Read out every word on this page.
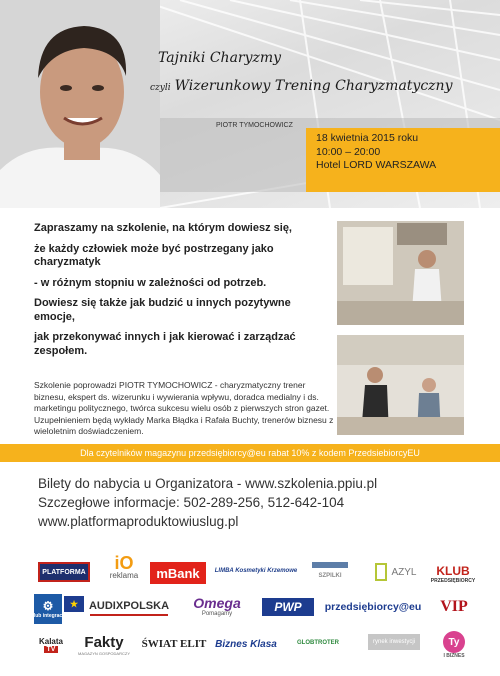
Tajniki Charyzmy
czyli Wizerunkowy Trening Charyzmatyczny
PIOTR TYMOCHOWICZ
18 kwietnia 2015 roku
10:00 – 20:00
Hotel LORD WARSZAWA

Zapraszamy na szkolenie, na którym dowiesz się,

że każdy człowiek może być postrzegany jako charyzmatyk

- w różnym stopniu w zależności od potrzeb.

Dowiesz się także jak budzić u innych pozytywne emocje,

jak przekonywać innych i jak kierować i zarządzać zespołem.

Szkolenie poprowadzi PIOTR TYMOCHOWICZ - charyzmatyczny trener biznesu, ekspert ds. wizerunku i wywierania wpływu, doradca medialny i ds. marketingu politycznego, twórca sukcesu wielu osób z pierwszych stron gazet. Uzupełnieniem będą wykłady Marka Błądka i Rafała Buchty, trenerów biznesu z wieloletnim doświadczeniem.
Dla czytelników magazynu przedsiębiorcy@eu rabat 10% z kodem PrzedsiebiorcyEU
Bilety do nabycia u Organizatora - www.szkolenia.ppiu.pl
Szczegłowe informacje: 502-289-256, 512-642-104
www.platformaproduktowiuslug.pl
PLATFORMA iO
reklama mBank	LIMBA Kosmetyki Krzemowe
SZPILKI	AZYL KLUB
PRZEDSIĘBIORCY
⚙
klub integracji
★ AUDIXPOLSKA Omega
Pomagamy	PWP przedsiębiorcy@eu VIP
Kalata
TV Fakty
MAGAZYN GOSPODARCZY
ŚWIAT ELIT Biznes Klasa	GLOBTROTER	rynek inwestycji	Ty
I BIZNES
